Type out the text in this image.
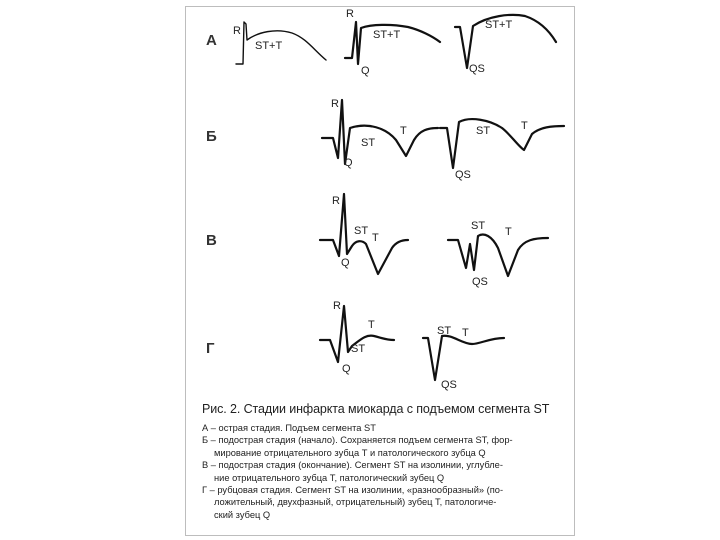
А
Б
В
Г
R
ST+T
R
Q
ST+T
QS
ST+T
R
Q
ST
T
QS
ST	T
R
Q
ST
T
ST
QS
T
R
Q
ST
T	ST T
QS
Рис. 2. Стадии инфаркта миокарда с подъемом сегмента ST

А – острая стадия. Подъем сегмента ST

Б – подострая стадия (начало). Сохраняется подъем сегмента ST, фор-

мирование отрицательного зубца Т и патологического зубца Q

В – подострая стадия (окончание). Сегмент ST на изолинии, углубле-

ние отрицательного зубца Т, патологический зубец Q

Г – рубцовая стадия. Сегмент ST на изолинии, «разнообразный» (по-

ложительный, двухфазный, отрицательный) зубец Т, патологиче-

ский зубец Q
